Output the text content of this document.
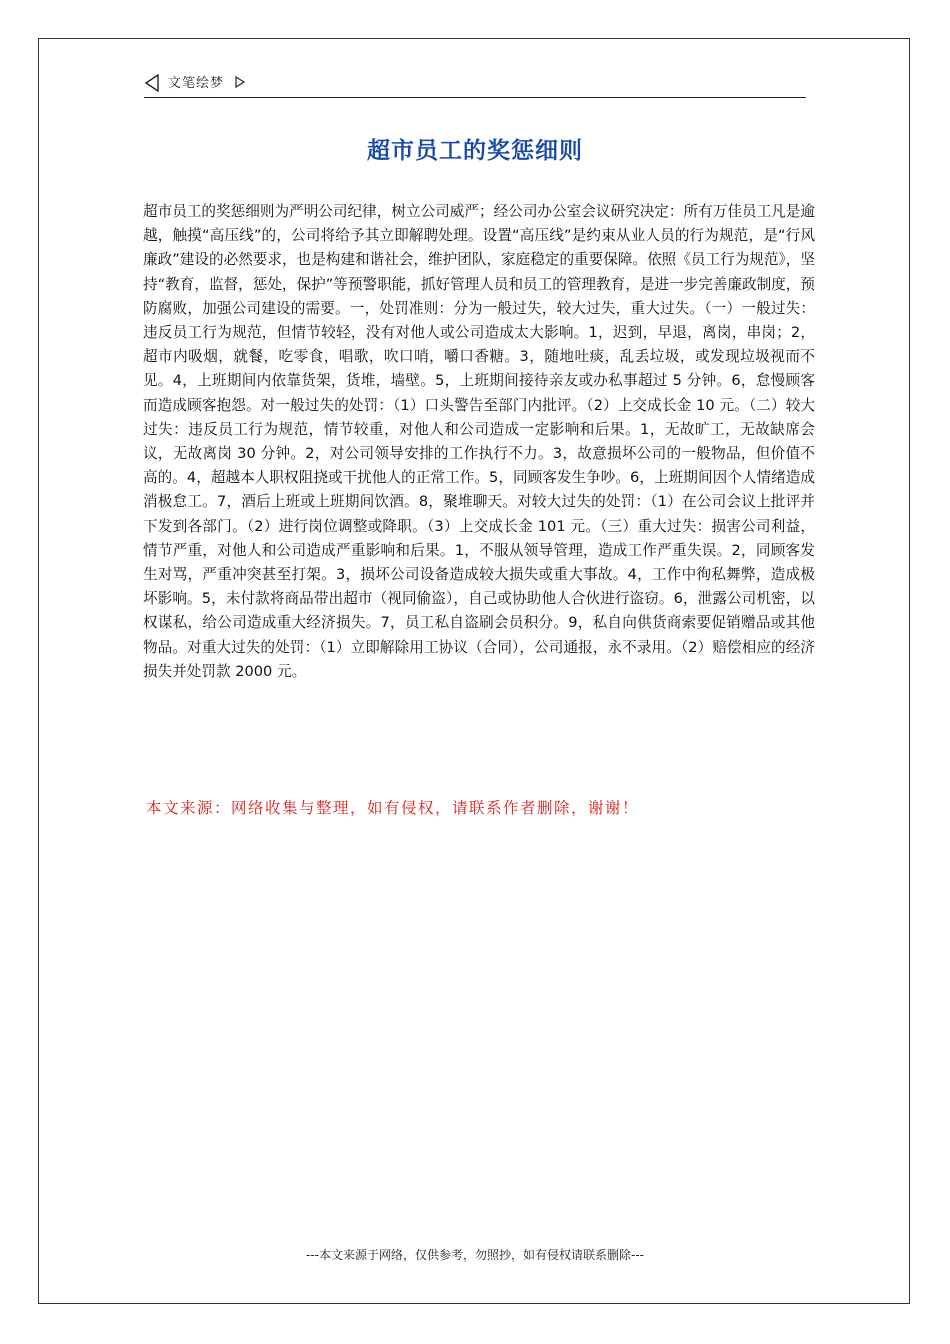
文笔绘梦
超市员工的奖惩细则

超市员工的奖惩细则为严明公司纪律，树立公司威严；经公司办公室会议研究决定：所有万佳员工凡是逾越，触摸“高压线”的，公司将给予其立即解聘处理。设置“高压线”是约束从业人员的行为规范，是“行风廉政”建设的必然要求，也是构建和谐社会，维护团队，家庭稳定的重要保障。依照《员工行为规范》，坚持“教育，监督，惩处，保护”等预警职能，抓好管理人员和员工的管理教育，是进一步完善廉政制度，预防腐败，加强公司建设的需要。一，处罚准则：分为一般过失，较大过失，重大过失。（一）一般过失：违反员工行为规范，但情节较轻，没有对他人或公司造成太大影响。1，迟到，早退，离岗，串岗；2，超市内吸烟，就餐，吃零食，唱歌，吹口哨，嚼口香糖。3，随地吐痰，乱丢垃圾，或发现垃圾视而不见。4，上班期间内依靠货架，货堆，墙壁。5，上班期间接待亲友或办私事超过 5 分钟。6，怠慢顾客而造成顾客抱怨。对一般过失的处罚：（1）口头警告至部门内批评。（2）上交成长金 10 元。（二）较大过失：违反员工行为规范，情节较重，对他人和公司造成一定影响和后果。1，无故旷工，无故缺席会议，无故离岗 30 分钟。2，对公司领导安排的工作执行不力。3，故意损坏公司的一般物品，但价值不高的。4，超越本人职权阻挠或干扰他人的正常工作。5，同顾客发生争吵。6，上班期间因个人情绪造成消极怠工。7，酒后上班或上班期间饮酒。8，聚堆聊天。对较大过失的处罚：（1）在公司会议上批评并下发到各部门。（2）进行岗位调整或降职。（3）上交成长金 101 元。（三）重大过失：损害公司利益，情节严重，对他人和公司造成严重影响和后果。1，不服从领导管理，造成工作严重失误。2，同顾客发生对骂，严重冲突甚至打架。3，损坏公司设备造成较大损失或重大事故。4，工作中徇私舞弊，造成极坏影响。5，未付款将商品带出超市（视同偷盗），自己或协助他人合伙进行盗窃。6，泄露公司机密，以权谋私，给公司造成重大经济损失。7，员工私自盗刷会员积分。9，私自向供货商索要促销赠品或其他物品。对重大过失的处罚：（1）立即解除用工协议（合同），公司通报，永不录用。（2）赔偿相应的经济损失并处罚款 2000 元。

本文来源：网络收集与整理，如有侵权，请联系作者删除，谢谢！
---本文来源于网络，仅供参考，勿照抄，如有侵权请联系删除---
